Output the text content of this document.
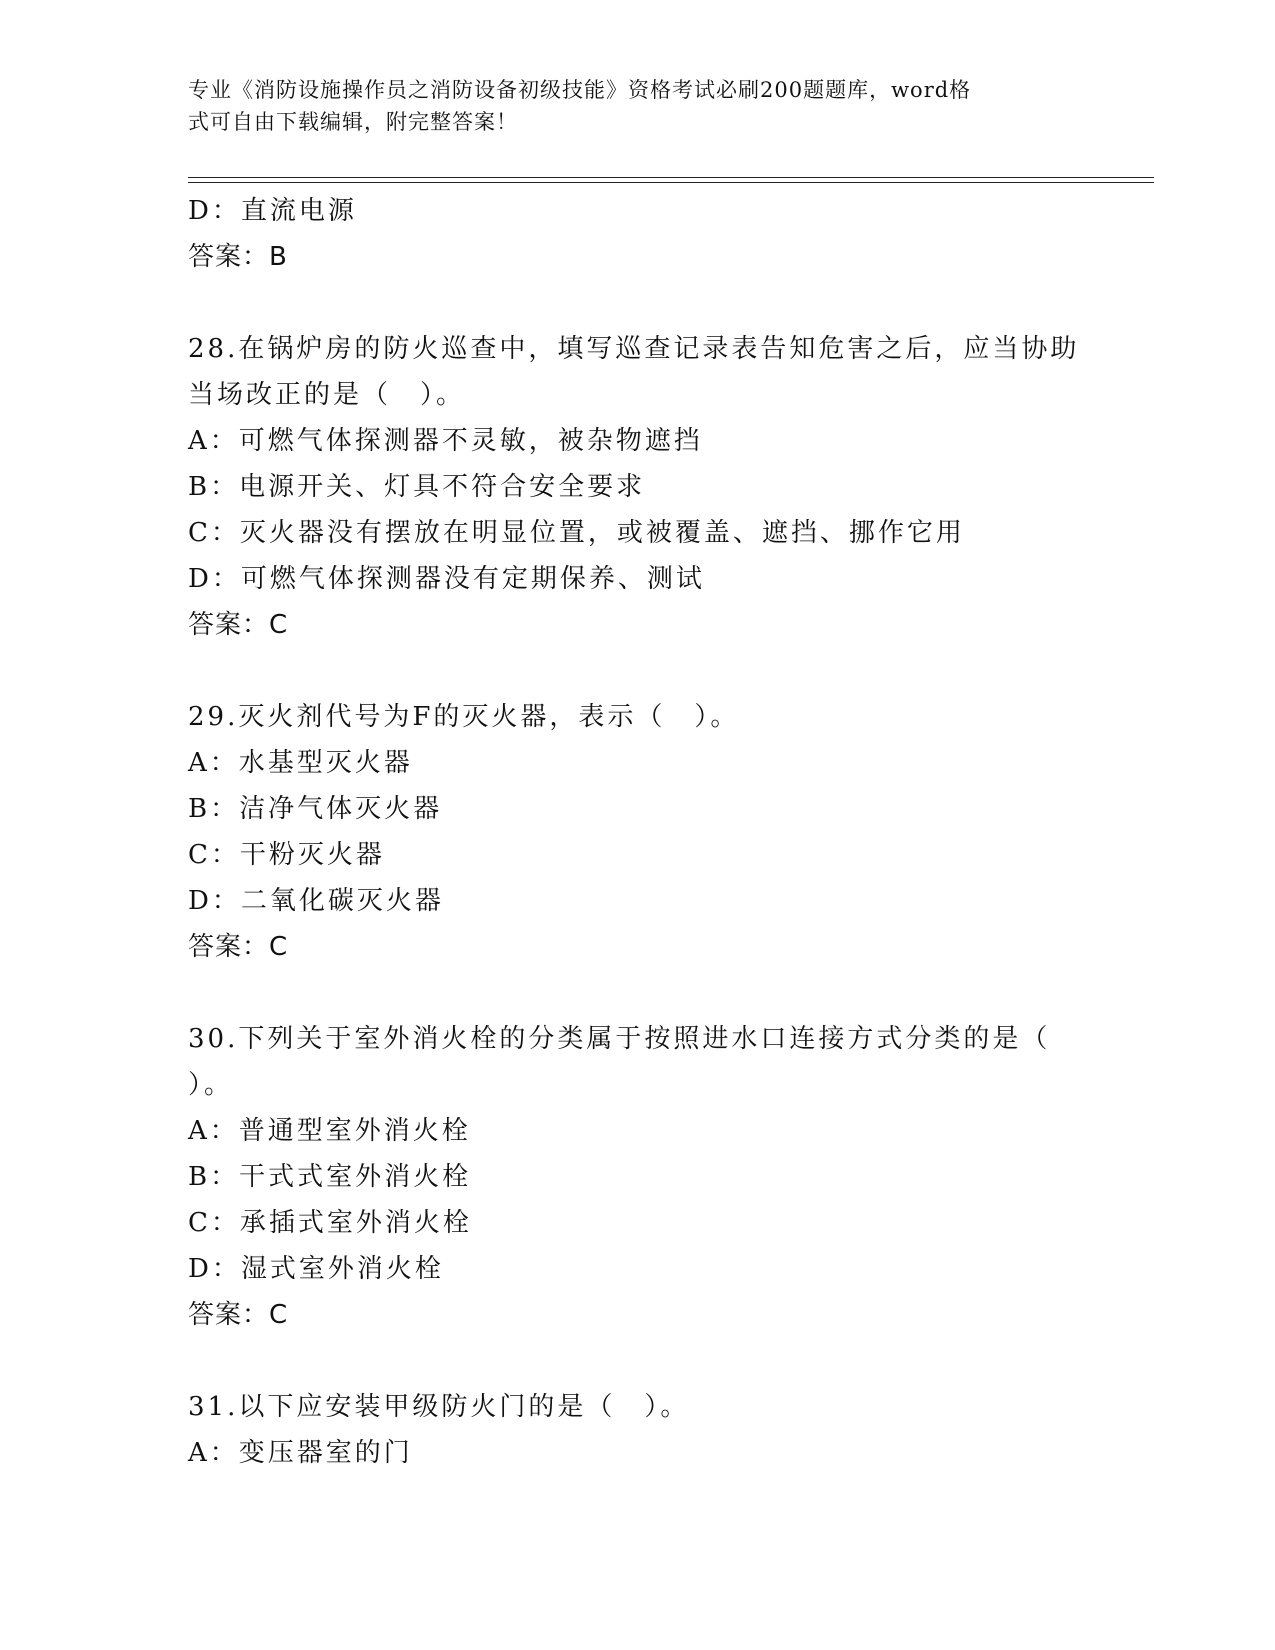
专业《消防设施操作员之消防设备初级技能》资格考试必刷200题题库，word格
式可自由下载编辑，附完整答案！
D：直流电源
答案：B
28.在锅炉房的防火巡查中，填写巡查记录表告知危害之后，应当协助
当场改正的是（　）。
A：可燃气体探测器不灵敏，被杂物遮挡
B：电源开关、灯具不符合安全要求
C：灭火器没有摆放在明显位置，或被覆盖、遮挡、挪作它用
D：可燃气体探测器没有定期保养、测试
答案：C
29.灭火剂代号为F的灭火器，表示（　）。
A：水基型灭火器
B：洁净气体灭火器
C：干粉灭火器
D：二氧化碳灭火器
答案：C
30.下列关于室外消火栓的分类属于按照进水口连接方式分类的是（
）。
A：普通型室外消火栓
B：干式式室外消火栓
C：承插式室外消火栓
D：湿式室外消火栓
答案：C
31.以下应安装甲级防火门的是（　）。
A：变压器室的门
